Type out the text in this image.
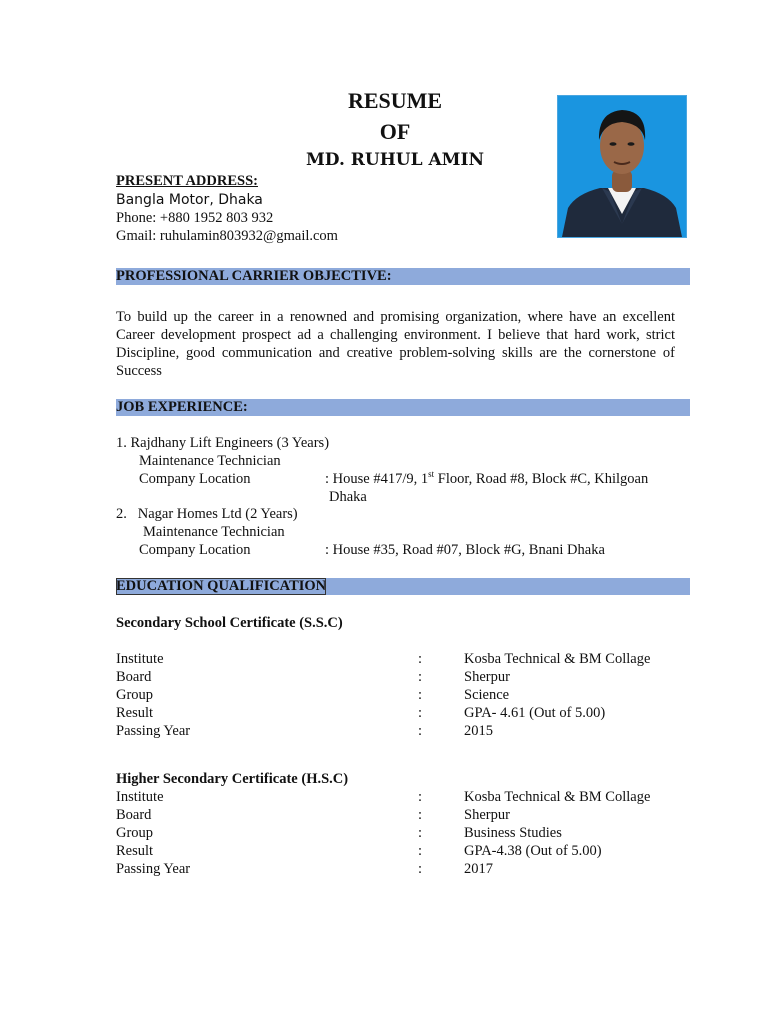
RESUME
OF
MD. RUHUL AMIN
PRESENT ADDRESS:
Bangla Motor, Dhaka
Phone: +880 1952 803 932
Gmail: ruhulamin803932@gmail.com
PROFESSIONAL CARRIER OBJECTIVE:
To build up the career in a renowned and promising organization, where have an excellent Career development prospect ad a challenging environment. I believe that hard work, strict Discipline, good communication and creative problem-solving skills are the cornerstone of Success
JOB EXPERIENCE:
1. Rajdhany Lift Engineers (3 Years)
Maintenance Technician
Company Location	: House #417/9, 1st Floor, Road #8, Block #C, Khilgoan
Dhaka
2.   Nagar Homes Ltd (2 Years)
Maintenance Technician
Company Location	: House #35, Road #07, Block #G, Bnani Dhaka
EDUCATION QUALIFICATION
Secondary School Certificate (S.S.C)
Institute	:	Kosba Technical & BM Collage
Board	:	Sherpur
Group	:	Science
Result	:	GPA- 4.61 (Out of 5.00)
Passing Year	:	2015
Higher Secondary Certificate (H.S.C)
Institute	:	Kosba Technical & BM Collage
Board	:	Sherpur
Group	:	Business Studies
Result	:	GPA-4.38 (Out of 5.00)
Passing Year	:	2017
